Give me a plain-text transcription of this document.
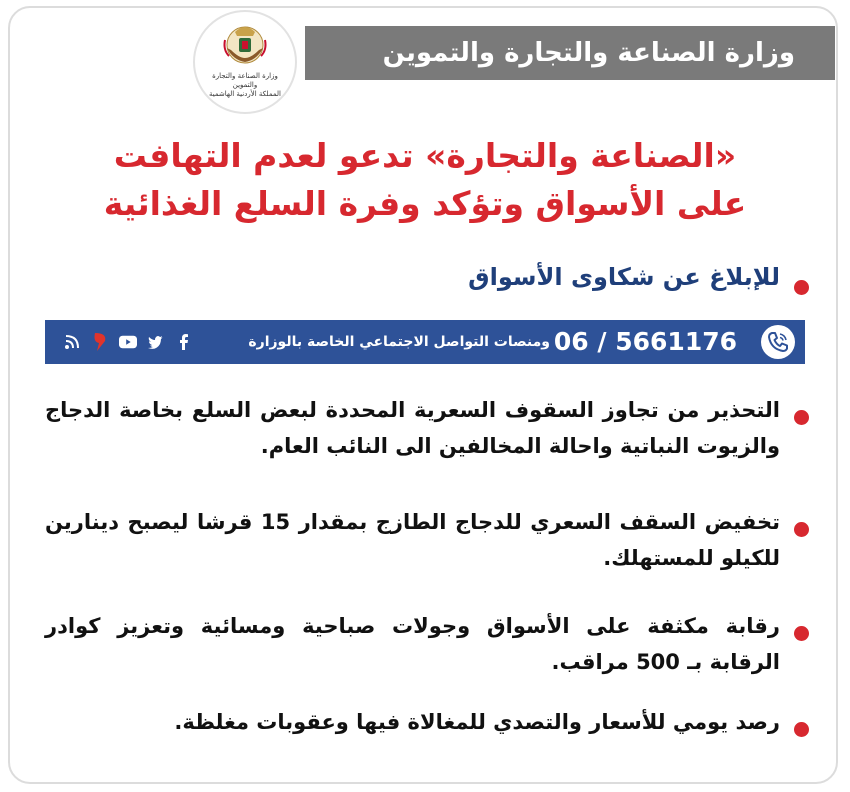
وزارة الصناعة والتجارة والتموين
وزارة الصناعة والتجارة والتموين
المملكة الأردنية الهاشمية
«الصناعة والتجارة» تدعو لعدم التهافت
على الأسواق وتؤكد وفرة السلع الغذائية
للإبلاغ عن شكاوى الأسواق
06 / 5661176
ومنصات التواصل الاجتماعي الخاصة بالوزارة
التحذير من تجاوز السقوف السعرية المحددة لبعض السلع بخاصة الدجاج والزيوت النباتية واحالة المخالفين الى النائب العام.
تخفيض السقف السعري للدجاج الطازج بمقدار 15 قرشا ليصبح دينارين للكيلو للمستهلك.
رقابة مكثفة على الأسواق وجولات صباحية ومسائية وتعزيز كوادر الرقابة بـ 500 مراقب.
رصد يومي للأسعار والتصدي للمغالاة فيها وعقوبات مغلظة.
